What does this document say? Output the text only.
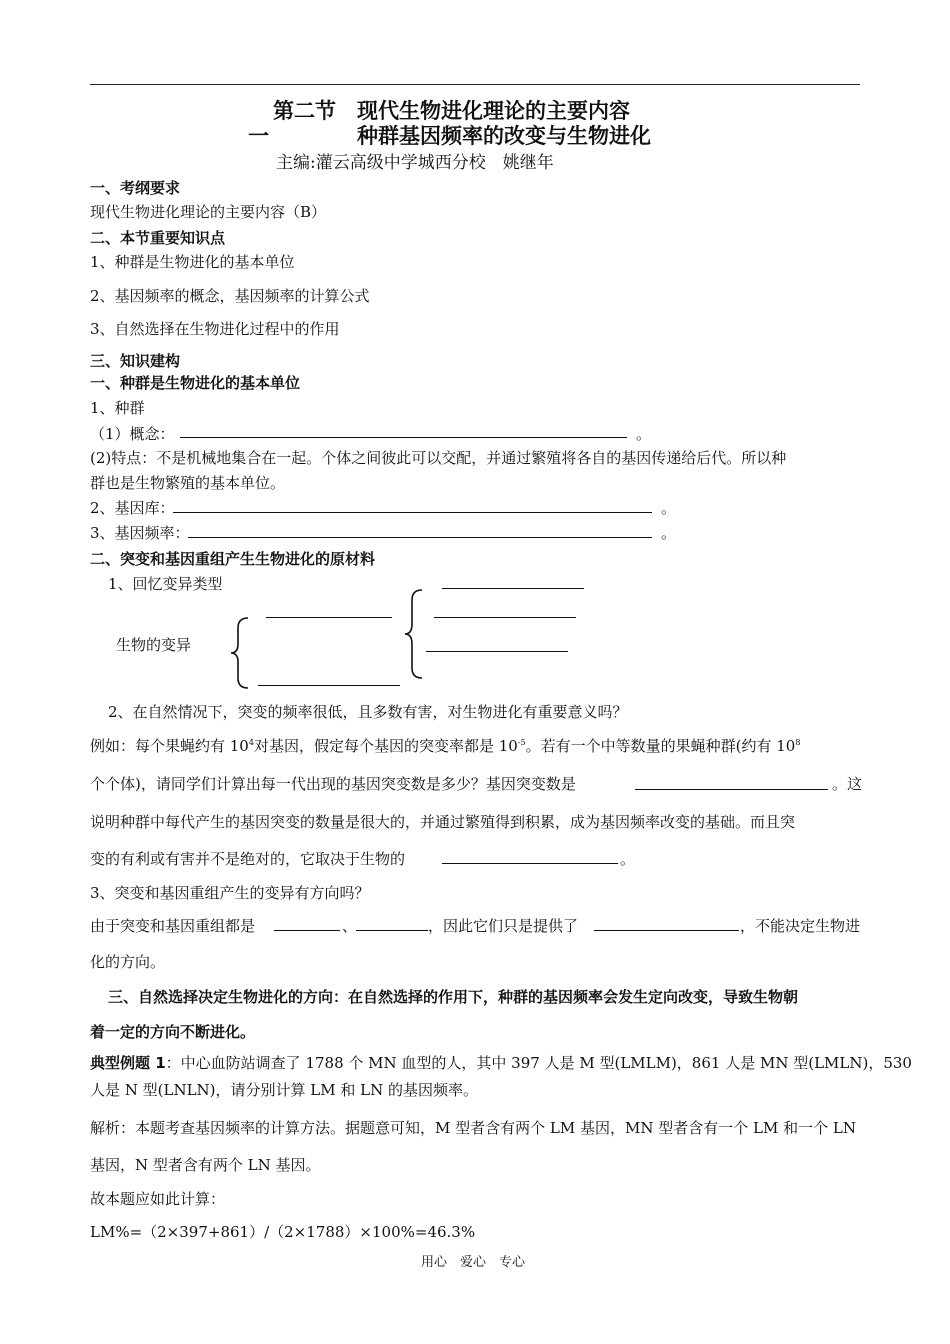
第二节　现代生物进化理论的主要内容
一	种群基因频率的改变与生物进化
主编:灌云高级中学城西分校　姚继年
一、考纲要求
现代生物进化理论的主要内容（B）
二、本节重要知识点
1、种群是生物进化的基本单位
2、基因频率的概念，基因频率的计算公式
3、自然选择在生物进化过程中的作用
三、知识建构
一、种群是生物进化的基本单位
1、种群
（1）概念：	。
(2)特点：不是机械地集合在一起。个体之间彼此可以交配，并通过繁殖将各自的基因传递给后代。所以种
群也是生物繁殖的基本单位。
2、基因库：	。
3、基因频率：	。
二、突变和基因重组产生生物进化的原材料
1、回忆变异类型
生物的变异
2、在自然情况下，突变的频率很低，且多数有害，对生物进化有重要意义吗？
例如：每个果蝇约有 $10^4$对基因，假定每个基因的突变率都是 $10^{-5}$。若有一个中等数量的果蝇种群(约有 $10^8$
个个体)，请同学们计算出每一代出现的基因突变数是多少？基因突变数是	。这
说明种群中每代产生的基因突变的数量是很大的，并通过繁殖得到积累，成为基因频率改变的基础。而且突
变的有利或有害并不是绝对的，它取决于生物的	。
3、突变和基因重组产生的变异有方向吗？
由于突变和基因重组都是	、	，因此它们只是提供了	，不能决定生物进
化的方向。
三、自然选择决定生物进化的方向：在自然选择的作用下，种群的基因频率会发生定向改变，导致生物朝
着一定的方向不断进化。
典型例题 1：中心血防站调查了 1788 个 MN 血型的人，其中 397 人是 M 型(LMLM)，861 人是 MN 型(LMLN)，530
人是 N 型(LNLN)，请分别计算 LM 和 LN 的基因频率。
解析：本题考查基因频率的计算方法。据题意可知，M 型者含有两个 LM 基因，MN 型者含有一个 LM 和一个 LN
基因，N 型者含有两个 LN 基因。
故本题应如此计算：
LM%=（2×397+861）/（2×1788）×100%=46.3%
用心　爱心　专心
